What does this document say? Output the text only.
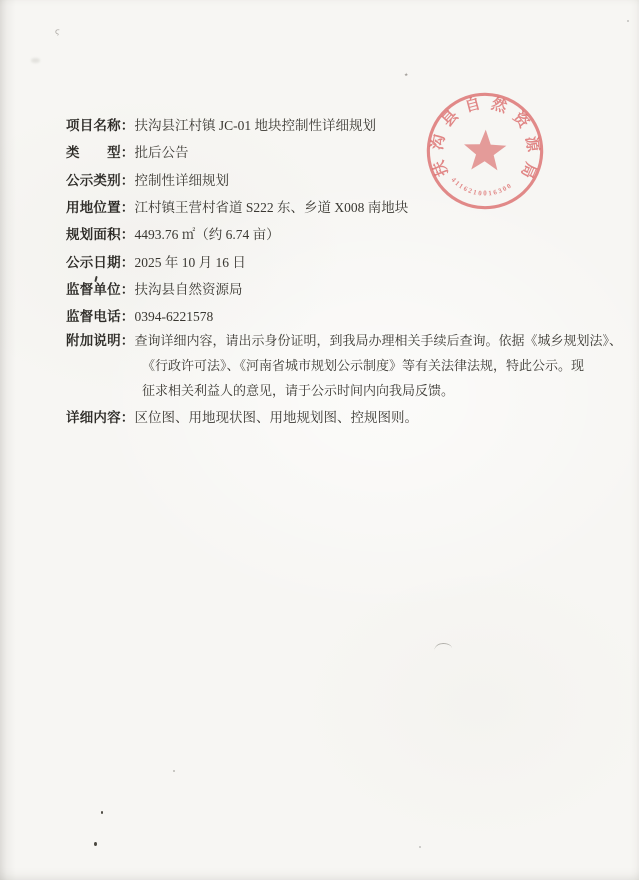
项目名称： 扶沟县江村镇 JC-01 地块控制性详细规划
类　　型： 批后公告
公示类别： 控制性详细规划
用地位置： 江村镇王营村省道 S222 东、乡道 X008 南地块
规划面积： 4493.76 ㎡（约 6.74 亩）
公示日期： 2025 年 10 月 16 日
监督单位： 扶沟县自然资源局
监督电话： 0394-6221578
附加说明： 查询详细内容，请出示身份证明，到我局办理相关手续后查询。依据《城乡规划法》、
《行政许可法》、《河南省城市规划公示制度》等有关法律法规，特此公示。现
征求相关利益人的意见，请于公示时间内向我局反馈。
详细内容： 区位图、用地现状图、用地规划图、控规图则。
扶沟县自然资源局
4116210016300
ϛ
٭
